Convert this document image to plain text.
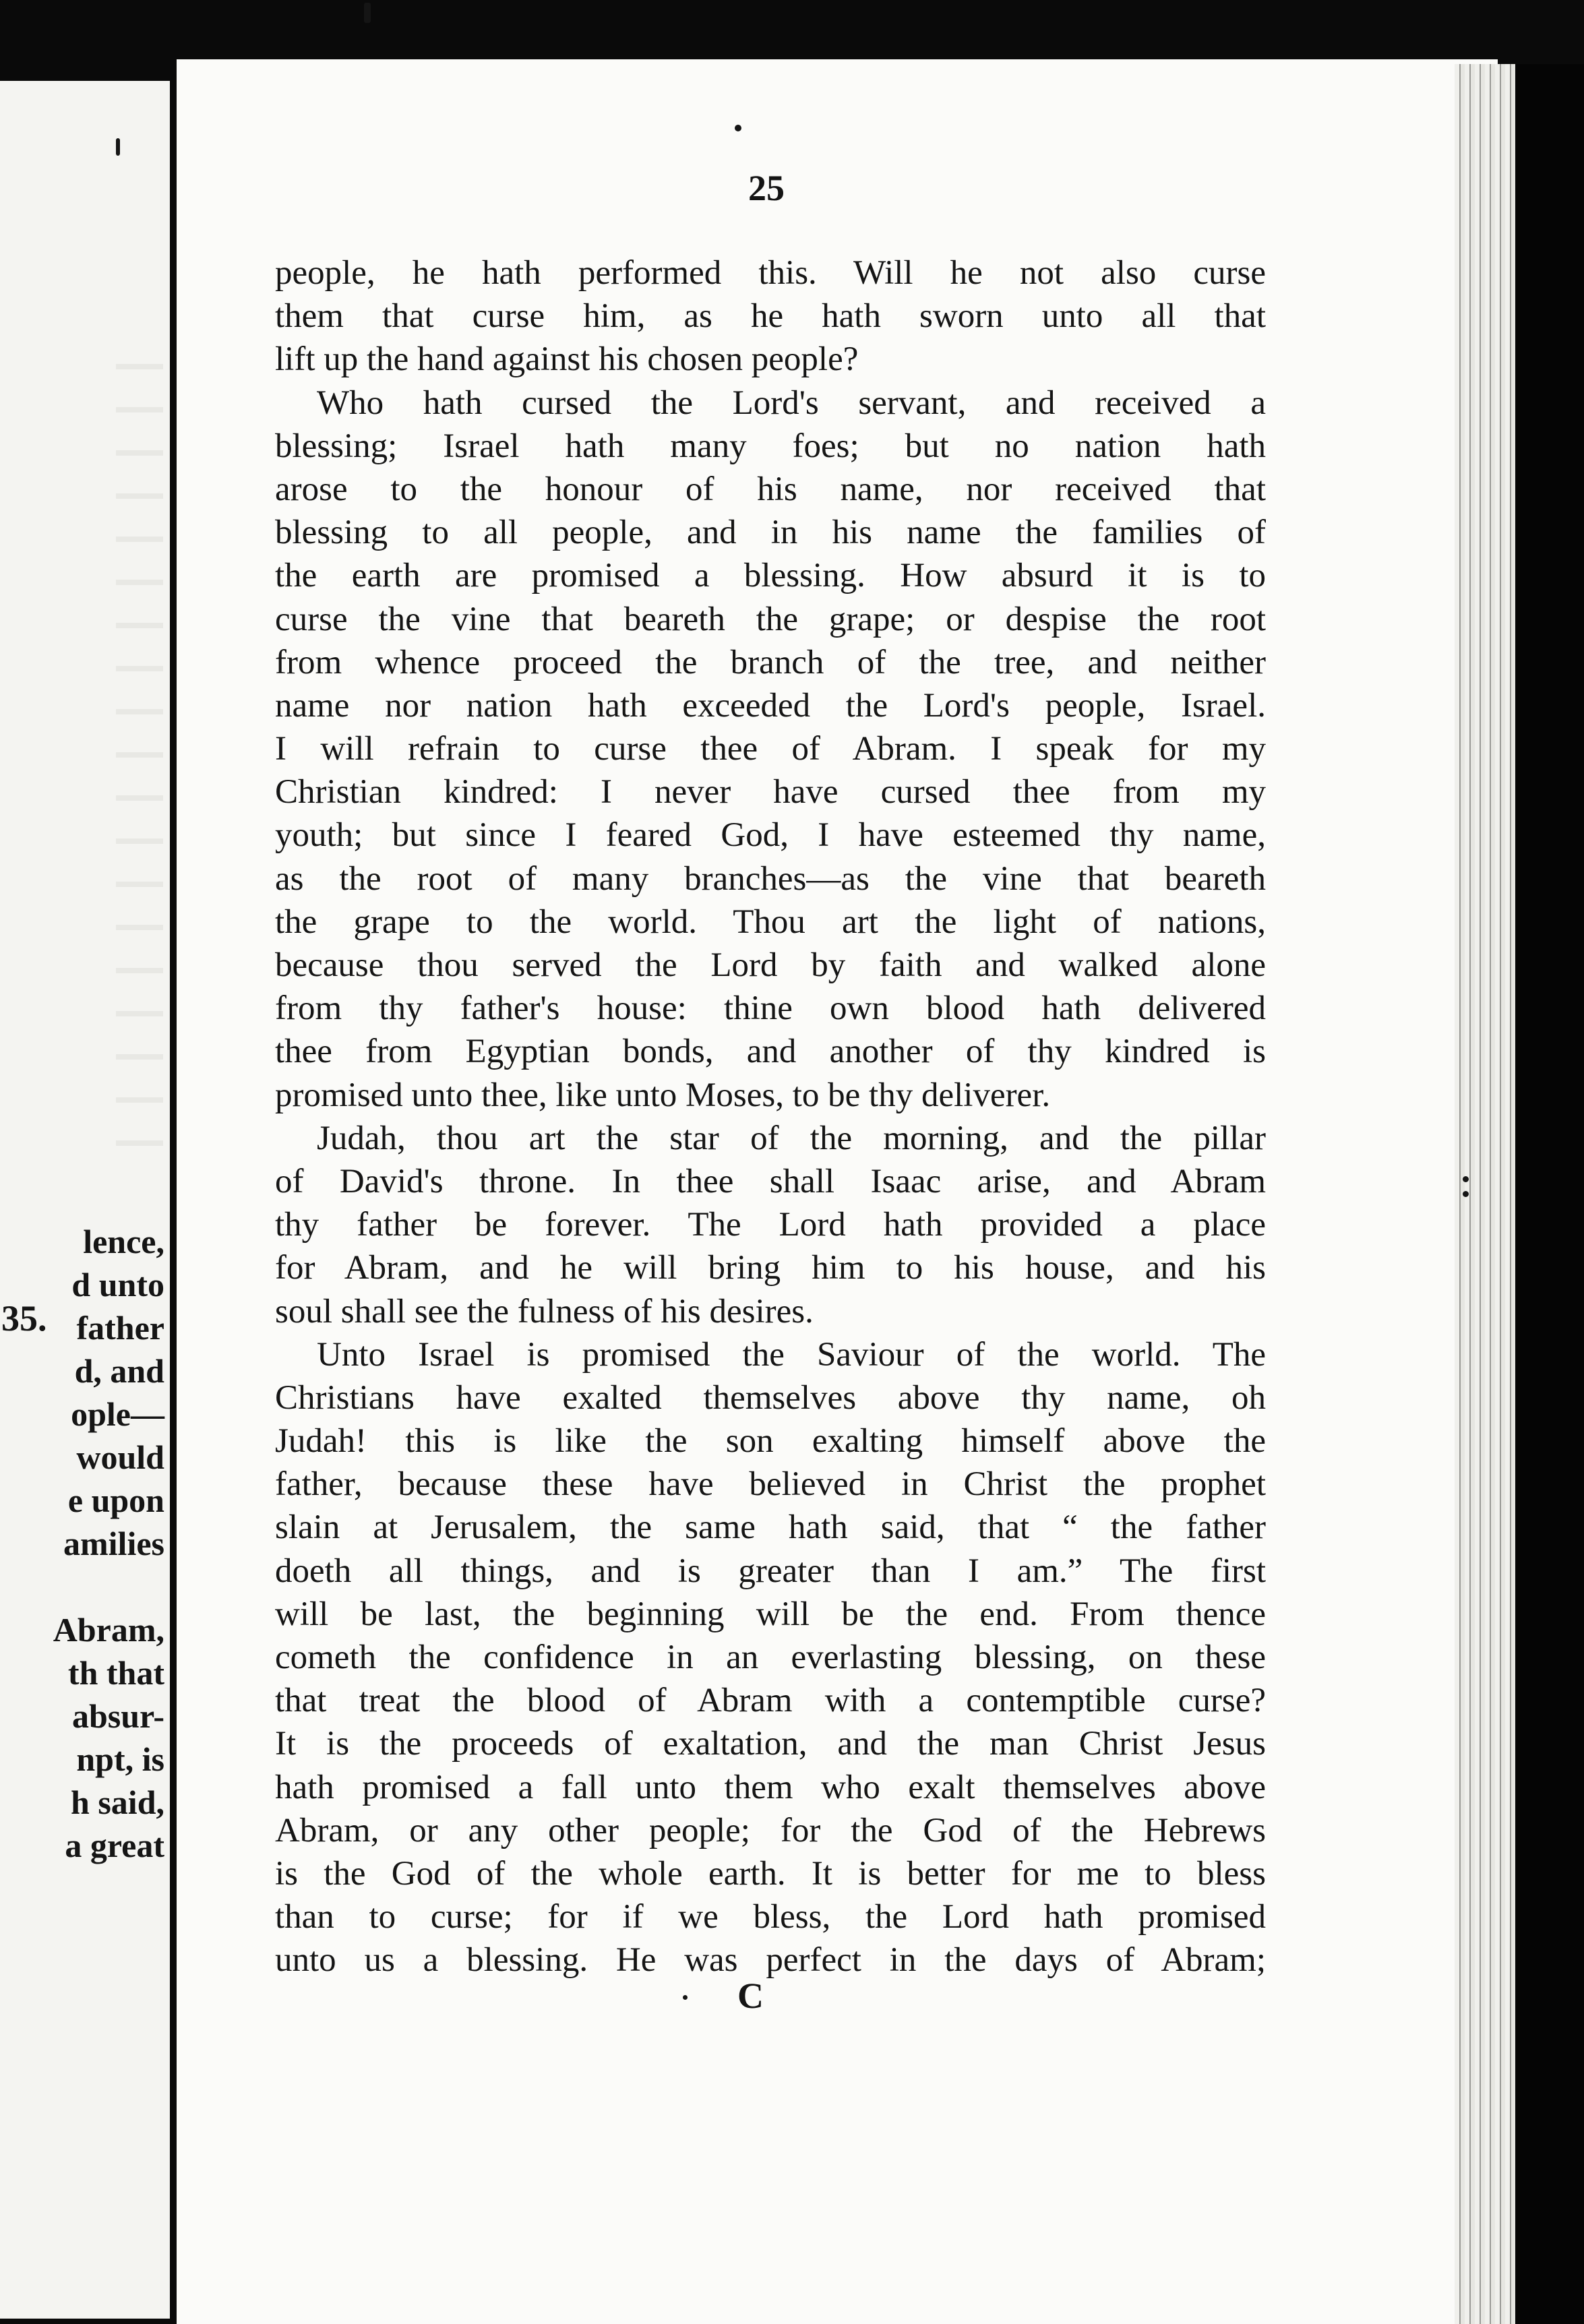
35.
lence,
d unto
father
d, and
ople—
would
e upon
amilies
Abram,
th that
absur-
npt, is
h said,
a great
25
people, he hath performed this. Will he not also curse
them that curse him, as he hath sworn unto all that
lift up the hand against his chosen people?
Who hath cursed the Lord's servant, and received a
blessing; Israel hath many foes; but no nation hath
arose to the honour of his name, nor received that
blessing to all people, and in his name the families of
the earth are promised a blessing. How absurd it is to
curse the vine that beareth the grape; or despise the root
from whence proceed the branch of the tree, and neither
name nor nation hath exceeded the Lord's people, Israel.
I will refrain to curse thee of Abram. I speak for my
Christian kindred: I never have cursed thee from my
youth; but since I feared God, I have esteemed thy name,
as the root of many branches—as the vine that beareth
the grape to the world. Thou art the light of nations,
because thou served the Lord by faith and walked alone
from thy father's house: thine own blood hath delivered
thee from Egyptian bonds, and another of thy kindred is
promised unto thee, like unto Moses, to be thy deliverer.
Judah, thou art the star of the morning, and the pillar
of David's throne. In thee shall Isaac arise, and Abram
thy father be forever. The Lord hath provided a place
for Abram, and he will bring him to his house, and his
soul shall see the fulness of his desires.
Unto Israel is promised the Saviour of the world. The
Christians have exalted themselves above thy name, oh
Judah! this is like the son exalting himself above the
father, because these have believed in Christ the prophet
slain at Jerusalem, the same hath said, that “ the father
doeth all things, and is greater than I am.” The first
will be last, the beginning will be the end. From thence
cometh the confidence in an everlasting blessing, on these
that treat the blood of Abram with a contemptible curse?
It is the proceeds of exaltation, and the man Christ Jesus
hath promised a fall unto them who exalt themselves above
Abram, or any other people; for the God of the Hebrews
is the God of the whole earth. It is better for me to bless
than to curse; for if we bless, the Lord hath promised
unto us a blessing. He was perfect in the days of Abram;
C
